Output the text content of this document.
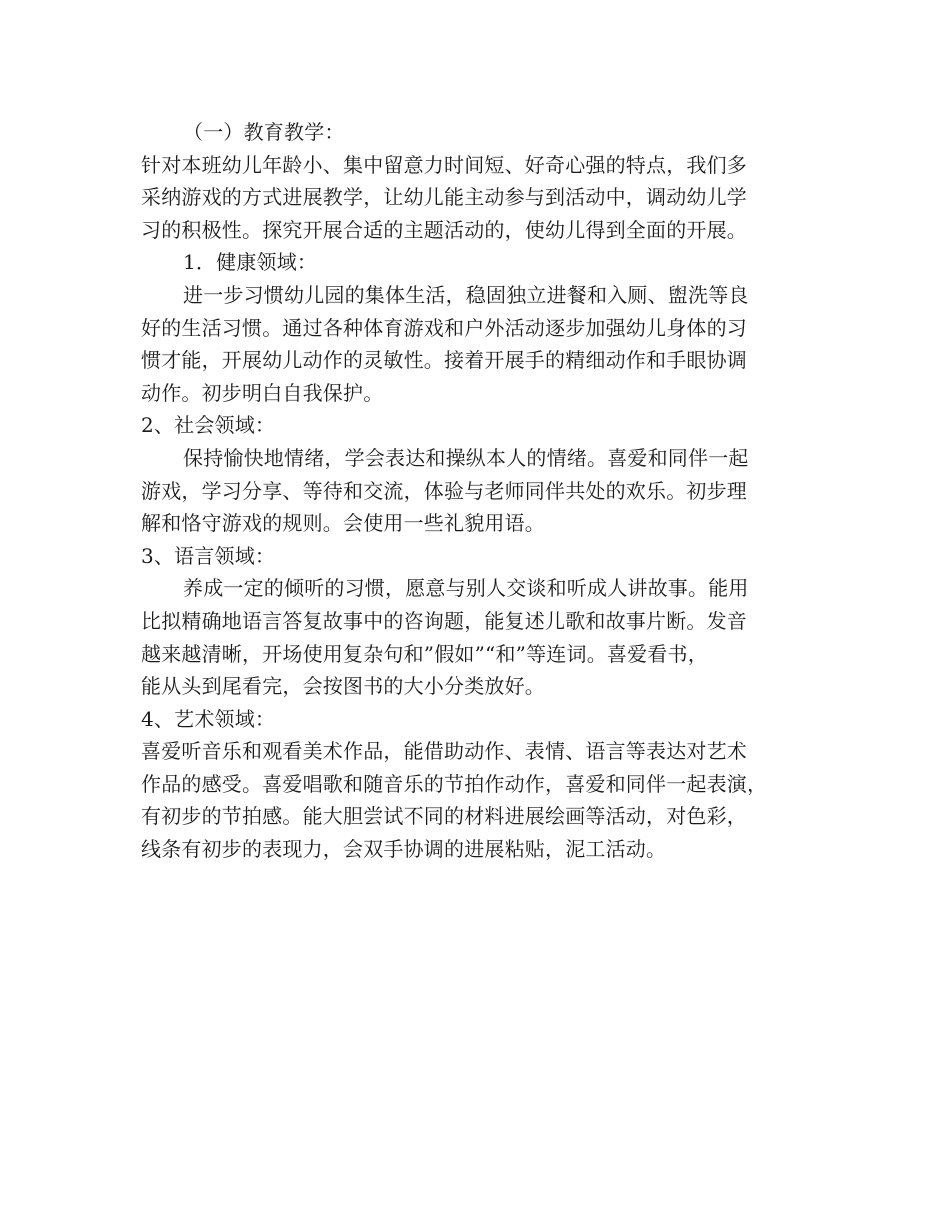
（一）教育教学：
针对本班幼儿年龄小、集中留意力时间短、好奇心强的特点，我们多
采纳游戏的方式进展教学，让幼儿能主动参与到活动中，调动幼儿学
习的积极性。探究开展合适的主题活动的，使幼儿得到全面的开展。
1．健康领域：
进一步习惯幼儿园的集体生活，稳固独立进餐和入厕、盥洗等良
好的生活习惯。通过各种体育游戏和户外活动逐步加强幼儿身体的习
惯才能，开展幼儿动作的灵敏性。接着开展手的精细动作和手眼协调
动作。初步明白自我保护。
2、社会领域：
保持愉快地情绪，学会表达和操纵本人的情绪。喜爱和同伴一起
游戏，学习分享、等待和交流，体验与老师同伴共处的欢乐。初步理
解和恪守游戏的规则。会使用一些礼貌用语。
3、语言领域：
养成一定的倾听的习惯，愿意与别人交谈和听成人讲故事。能用
比拟精确地语言答复故事中的咨询题，能复述儿歌和故事片断。发音
越来越清晰，开场使用复杂句和”假如”“和”等连词。喜爱看书，
能从头到尾看完，会按图书的大小分类放好。
4、艺术领域：
喜爱听音乐和观看美术作品，能借助动作、表情、语言等表达对艺术
作品的感受。喜爱唱歌和随音乐的节拍作动作，喜爱和同伴一起表演，
有初步的节拍感。能大胆尝试不同的材料进展绘画等活动，对色彩，
线条有初步的表现力，会双手协调的进展粘贴，泥工活动。
